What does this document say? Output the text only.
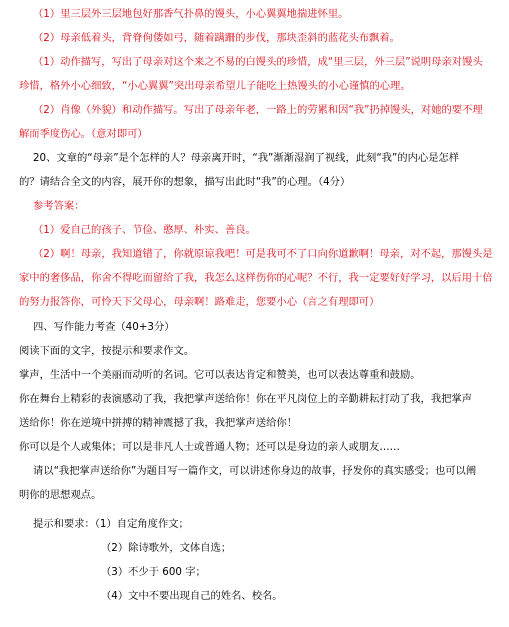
（1）里三层外三层地包好那香气扑鼻的馒头，小心翼翼地揣进怀里。

（2）母亲低着头，背脊佝偻如弓，随着蹒跚的步伐，那块歪斜的蓝花头布飘着。

（1）动作描写，写出了母亲对这个来之不易的白馒头的珍惜，成“里三层，外三层”说明母亲对馒头

珍惜，格外小心细致，“小心翼翼”突出母亲希望儿子能吃上热馒头的小心谨慎的心理。

（2）肖像（外貌）和动作描写。写出了母亲年老，一路上的劳累和因“我”扔掉馒头，对她的要不理

解而季度伤心。（意对即可）

20、文章的“母亲”是个怎样的人？母亲离开时，“我”渐渐湿润了视线，此刻“我”的内心是怎样

的？请结合全文的内容，展开你的想象，描写出此时“我”的心理。（4分）

参考答案：

（1）爱自己的孩子、节俭、憨厚、朴实、善良。

（2）啊！母亲，我知道错了，你就原谅我吧！可是我可不了口向你道歉啊！母亲，对不起，那馒头是

家中的奢侈品，你舍不得吃而留给了我，我怎么这样伤你的心呢？不行，我一定要好好学习，以后用十倍

的努力报答你，可怜天下父母心，母亲啊！路难走，您要小心（言之有理即可）

四、写作能力考查（40+3分）

阅读下面的文字，按提示和要求作文。

掌声，生活中一个美丽而动听的名词。它可以表达肯定和赞美，也可以表达尊重和鼓励。

你在舞台上精彩的表演感动了我，我把掌声送给你！你在平凡岗位上的辛勤耕耘打动了我，我把掌声

送给你！你在逆境中拼搏的精神震撼了我，我把掌声送给你！

你可以是个人或集体；可以是非凡人士或普通人物；还可以是身边的亲人或朋友……

请以“我把掌声送给你”为题目写一篇作文，可以讲述你身边的故事，抒发你的真实感受；也可以阐

明你的思想观点。

提示和要求：（1）自定角度作文；

（2）除诗歌外，文体自选；

（3）不少于 600 字；

（4）文中不要出现自己的姓名、校名。
